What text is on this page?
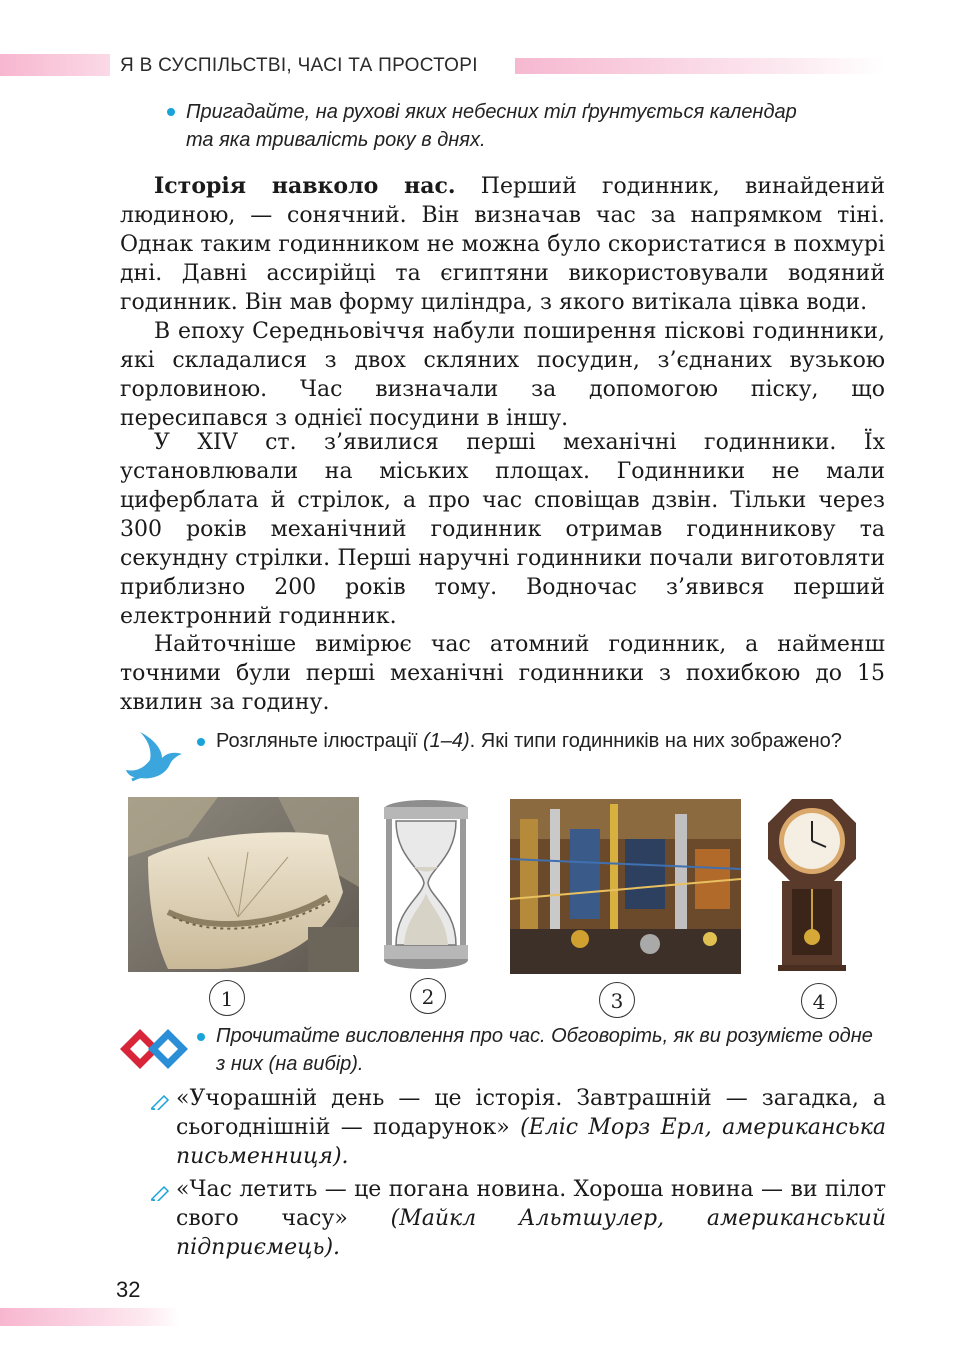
Я В СУСПІЛЬСТВІ, ЧАСІ ТА ПРОСТОРІ
Пригадайте, на рухові яких небесних тіл ґрунтується календар
та яка тривалість року в днях.
Історія навколо нас. Перший годинник, винайдений людиною, — сонячний. Він визначав час за напрямком тіні. Однак таким годинником не можна було скористатися в похмурі дні. Давні ассирійці та єгиптяни використовували водяний годинник. Він мав форму циліндра, з якого витікала цівка води.
В епоху Середньовіччя набули поширення піскові годинники, які складалися з двох скляних посудин, з’єднаних вузькою горловиною. Час визначали за допомогою піску, що пересипався з однієї посудини в іншу.
У XIV ст. з’явилися перші механічні годинники. Їх установлювали на міських площах. Годинники не мали циферблата й стрілок, а про час сповіщав дзвін. Тільки через 300 років механічний годинник отримав годинникову та секундну стрілки. Перші наручні годинники почали виготовляти приблизно 200 років тому. Водночас з’явився перший електронний годинник.
Найточніше вимірює час атомний годинник, а найменш точними були перші механічні годинники з похибкою до 15 хвилин за годину.
Розгляньте ілюстрації (1–4). Які типи годинників на них зображено?
1	2	3	4
Прочитайте висловлення про час. Обговоріть, як ви розумієте одне з них (на вибір).
«Учорашній день — це історія. Завтрашній — загадка, а сьогоднішній — подарунок» (Еліс Морз Ерл, американська письменниця).
«Час летить — це погана новина. Хороша новина — ви пілот свого часу» (Майкл Альтшулер, американський підприємець).
32
